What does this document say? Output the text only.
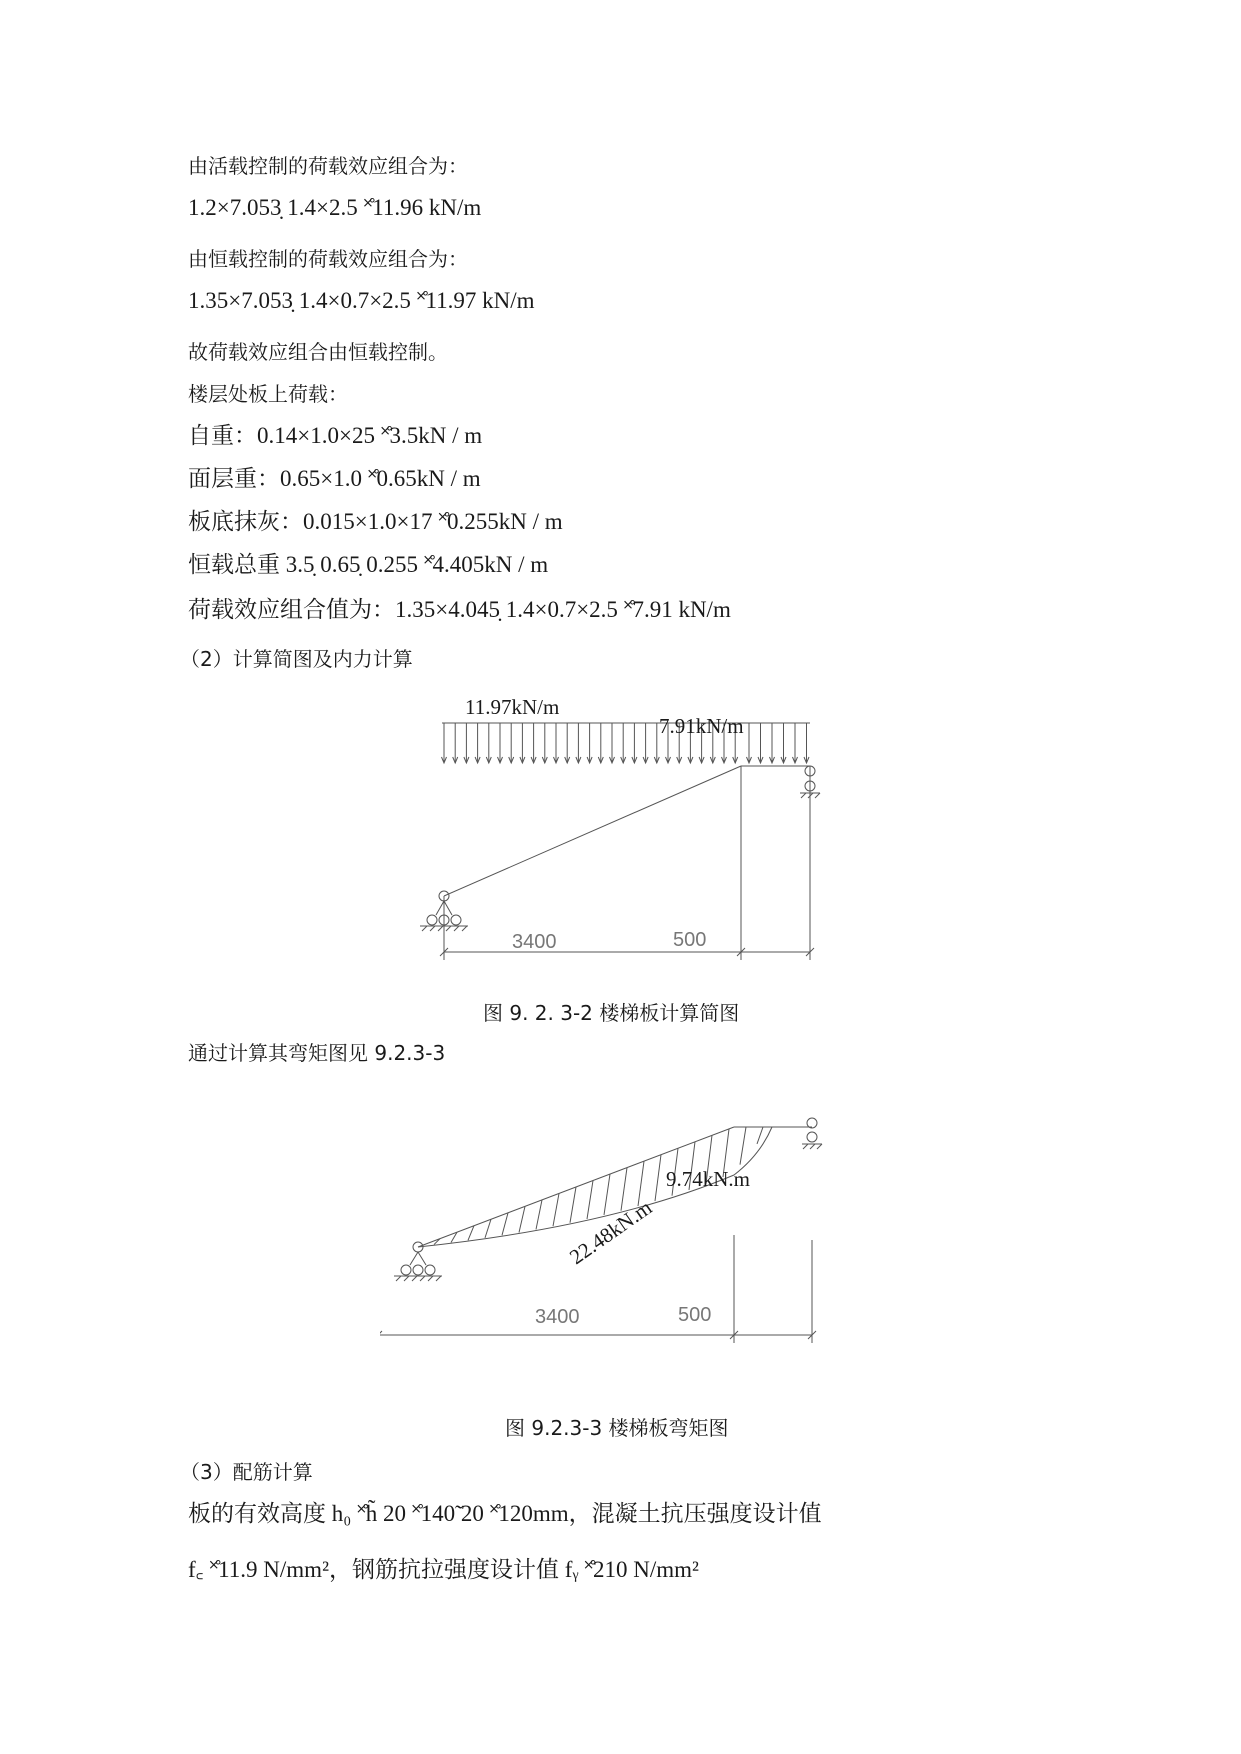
由活载控制的荷载效应组合为：
1.2×7.053̣ 1.4×2.5 ˟̊11.96 kN/m
由恒载控制的荷载效应组合为：
1.35×7.053̣ 1.4×0.7×2.5 ˟̊11.97 kN/m
故荷载效应组合由恒载控制。
楼层处板上荷载：
自重：0.14×1.0×25 ˟̊3.5kN / m
面层重：0.65×1.0 ˟̊0.65kN / m
板底抹灰：0.015×1.0×17 ˟̊0.255kN / m
恒载总重 3.5̣ 0.65̣ 0.255 ˟̊4.405kN / m
荷载效应组合值为：1.35×4.045̣ 1.4×0.7×2.5 ˟̊7.91 kN/m
（2）计算简图及内力计算
11.97kN/m
7.91kN/m
3400	500
图 9. 2. 3-2 楼梯板计算简图
通过计算其弯矩图见 9.2.3-3
9.74kN.m
22.48kN.m
3400	500
图 9.2.3-3 楼梯板弯矩图
（3）配筋计算
板的有效高度 h₀ ˟̊h̃ 20 ˟̊140̃ 20 ˟̊120mm，混凝土抗压强度设计值
f꜀ ˟̊11.9 N/mm²，钢筋抗拉强度设计值 fᵧ ˟̊210 N/mm²
